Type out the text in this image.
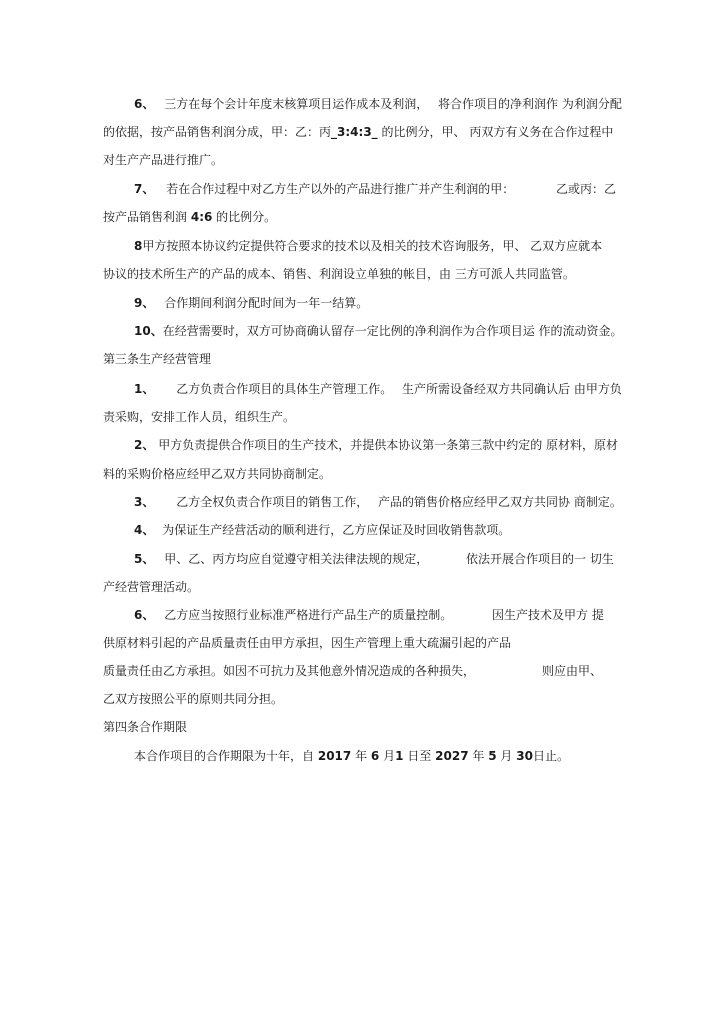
6、 三方在每个会计年度末核算项目运作成本及利润， 将合作项目的净利润作 为利润分配
的依据，按产品销售利润分成，甲：乙：丙_3:4:3_ 的比例分，甲、 丙双方有义务在合作过程中
对生产产品进行推广。
7、 若在合作过程中对乙方生产以外的产品进行推广并产生利润的甲：	乙或丙：乙
按产品销售利润 4:6 的比例分。
8甲方按照本协议约定提供符合要求的技术以及相关的技术咨询服务，甲、 乙双方应就本
协议的技术所生产的产品的成本、销售、利润设立单独的帐目，由 三方可派人共同监管。
9、 合作期间利润分配时间为一年一结算。
10、在经营需要时，双方可协商确认留存一定比例的净利润作为合作项目运 作的流动资金。
第三条生产经营管理
1、 乙方负责合作项目的具体生产管理工作。 生产所需设备经双方共同确认后 由甲方负
责采购，安排工作人员，组织生产。
2、 甲方负责提供合作项目的生产技术，并提供本协议第一条第三款中约定的 原材料，原材
料的采购价格应经甲乙双方共同协商制定。
3、 乙方全权负责合作项目的销售工作， 产品的销售价格应经甲乙双方共同协 商制定。
4、 为保证生产经营活动的顺利进行，乙方应保证及时回收销售款项。
5、 甲、乙、丙方均应自觉遵守相关法律法规的规定，	依法开展合作项目的一 切生
产经营管理活动。
6、 乙方应当按照行业标准严格进行产品生产的质量控制。	因生产技术及甲方 提
供原材料引起的产品质量责任由甲方承担，因生产管理上重大疏漏引起的产品
质量责任由乙方承担。如因不可抗力及其他意外情况造成的各种损失，	则应由甲、
乙双方按照公平的原则共同分担。
第四条合作期限
本合作项目的合作期限为十年，自 2017 年 6 月1 日至 2027 年 5 月 30日止。
